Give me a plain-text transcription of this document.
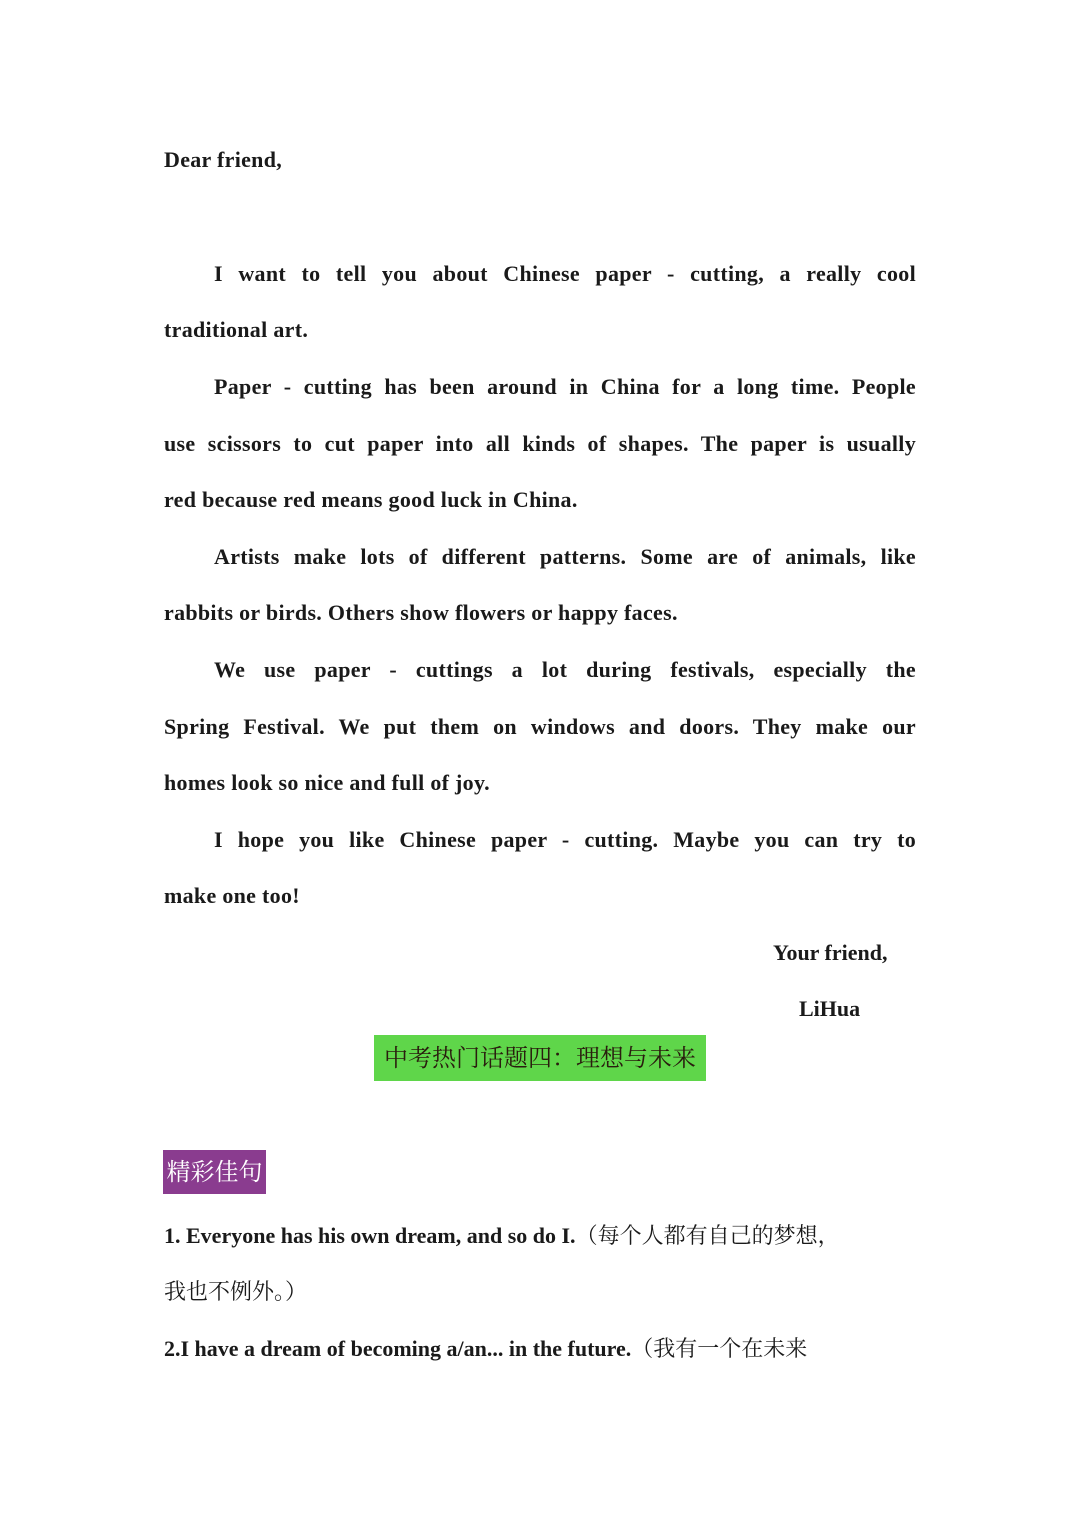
Dear friend,
I want to tell you about Chinese paper - cutting, a really cool
traditional art.
Paper - cutting has been around in China for a long time. People
use scissors to cut paper into all kinds of shapes. The paper is usually
red because red means good luck in China.
Artists make lots of different patterns. Some are of animals, like
rabbits or birds. Others show flowers or happy faces.
We use paper - cuttings a lot during festivals, especially the
Spring Festival. We put them on windows and doors. They make our
homes look so nice and full of joy.
I hope you like Chinese paper - cutting. Maybe you can try to
make one too!
Your friend,
LiHua
中考热门话题四：理想与未来
精彩佳句
1. Everyone has his own dream, and so do I.（每个人都有自己的梦想，
我也不例外。）
2.I have a dream of becoming a/an... in the future.（我有一个在未来
